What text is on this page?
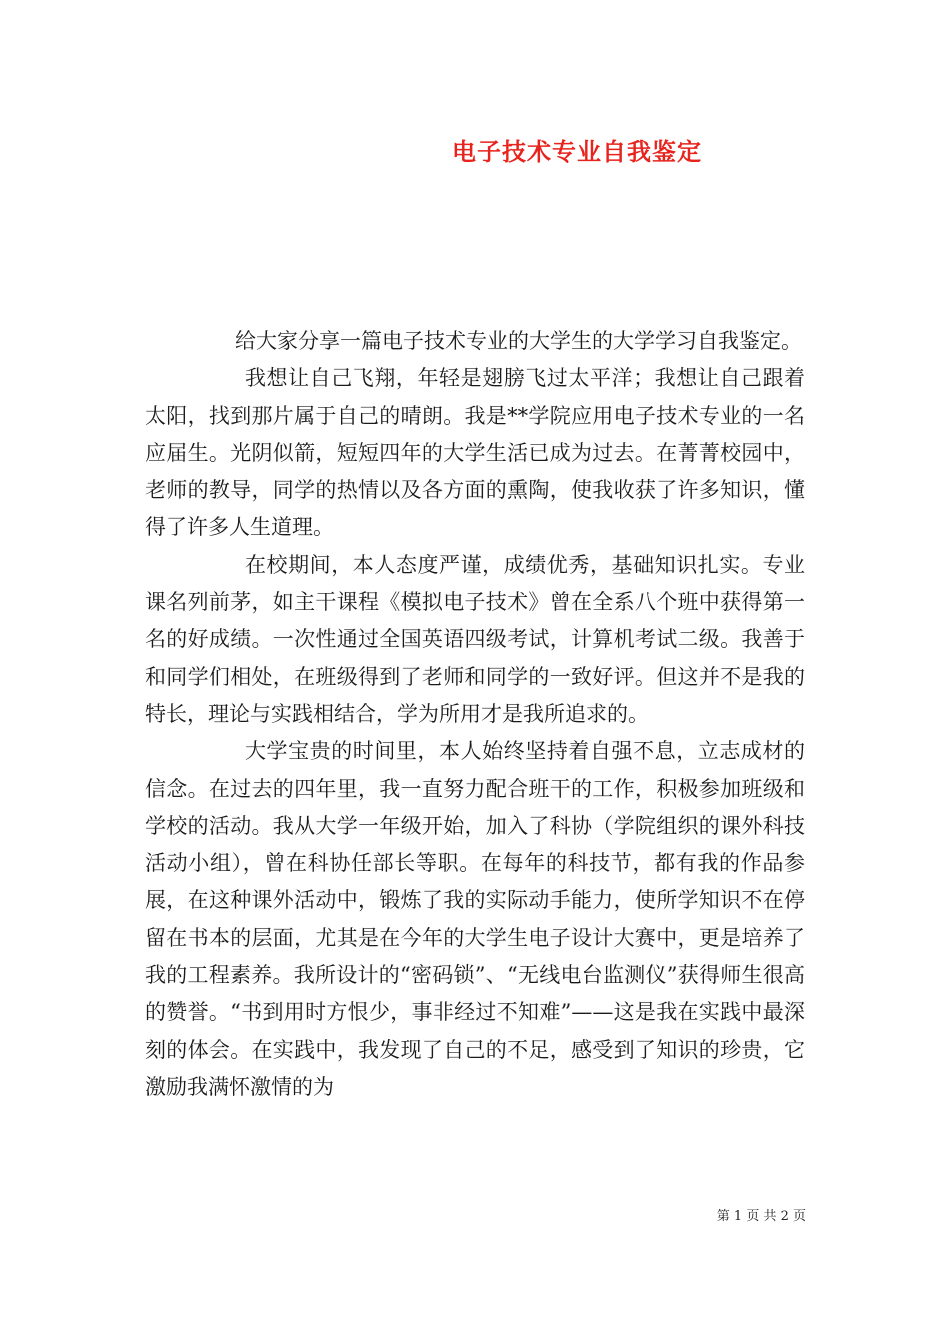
电子技术专业自我鉴定

给大家分享一篇电子技术专业的大学生的大学学习自我鉴定。

我想让自己飞翔，年轻是翅膀飞过太平洋；我想让自己跟着太阳，找到那片属于自己的晴朗。我是**学院应用电子技术专业的一名应届生。光阴似箭，短短四年的大学生活已成为过去。在菁菁校园中，老师的教导，同学的热情以及各方面的熏陶，使我收获了许多知识，懂得了许多人生道理。

在校期间，本人态度严谨，成绩优秀，基础知识扎实。专业课名列前茅，如主干课程《模拟电子技术》曾在全系八个班中获得第一名的好成绩。一次性通过全国英语四级考试，计算机考试二级。我善于和同学们相处，在班级得到了老师和同学的一致好评。但这并不是我的特长，理论与实践相结合，学为所用才是我所追求的。

大学宝贵的时间里，本人始终坚持着自强不息，立志成材的信念。在过去的四年里，我一直努力配合班干的工作，积极参加班级和学校的活动。我从大学一年级开始，加入了科协（学院组织的课外科技活动小组），曾在科协任部长等职。在每年的科技节，都有我的作品参展，在这种课外活动中，锻炼了我的实际动手能力，使所学知识不在停留在书本的层面，尤其是在今年的大学生电子设计大赛中，更是培养了我的工程素养。我所设计的“密码锁”、“无线电台监测仪”获得师生很高的赞誉。“书到用时方恨少，事非经过不知难”——这是我在实践中最深刻的体会。在实践中，我发现了自己的不足，感受到了知识的珍贵，它激励我满怀激情的为

第 1 页 共 2 页
